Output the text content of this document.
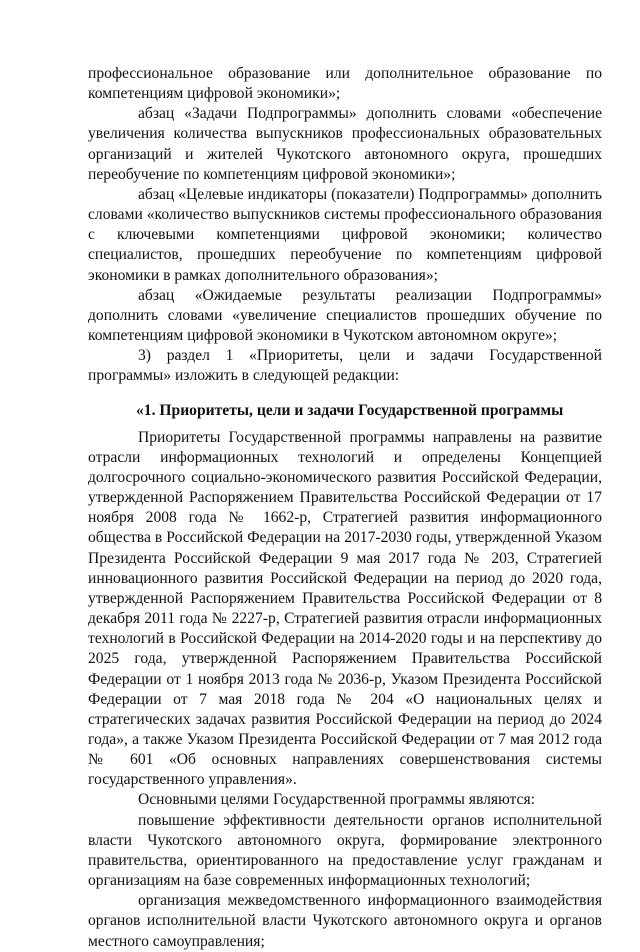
профессиональное образование или дополнительное образование по компетенциям цифровой экономики»;

абзац «Задачи Подпрограммы» дополнить словами «обеспечение увеличения количества выпускников профессиональных образовательных организаций и жителей Чукотского автономного округа, прошедших переобучение по компетенциям цифровой экономики»;

абзац «Целевые индикаторы (показатели) Подпрограммы» дополнить словами «количество выпускников системы профессионального образования с ключевыми компетенциями цифровой экономики; количество специалистов, прошедших переобучение по компетенциям цифровой экономики в рамках дополнительного образования»;

абзац «Ожидаемые результаты реализации Подпрограммы» дополнить словами «увеличение специалистов прошедших обучение по компетенциям цифровой экономики в Чукотском автономном округе»;

3) раздел 1 «Приоритеты, цели и задачи Государственной программы» изложить в следующей редакции:

«1. Приоритеты, цели и задачи Государственной программы

Приоритеты Государственной программы направлены на развитие отрасли информационных технологий и определены Концепцией долгосрочного социально-экономического развития Российской Федерации, утвержденной Распоряжением Правительства Российской Федерации от 17 ноября 2008 года № 1662-р, Стратегией развития информационного общества в Российской Федерации на 2017-2030 годы, утвержденной Указом Президента Российской Федерации 9 мая 2017 года № 203, Стратегией инновационного развития Российской Федерации на период до 2020 года, утвержденной Распоряжением Правительства Российской Федерации от 8 декабря 2011 года № 2227-р, Стратегией развития отрасли информационных технологий в Российской Федерации на 2014-2020 годы и на перспективу до 2025 года, утвержденной Распоряжением Правительства Российской Федерации от 1 ноября 2013 года № 2036-р, Указом Президента Российской Федерации от 7 мая 2018 года № 204 «О национальных целях и стратегических задачах развития Российской Федерации на период до 2024 года», а также Указом Президента Российской Федерации от 7 мая 2012 года № 601 «Об основных направлениях совершенствования системы государственного управления».

Основными целями Государственной программы являются:

повышение эффективности деятельности органов исполнительной власти Чукотского автономного округа, формирование электронного правительства, ориентированного на предоставление услуг гражданам и организациям на базе современных информационных технологий;

организация межведомственного информационного взаимодействия органов исполнительной власти Чукотского автономного округа и органов местного самоуправления;
